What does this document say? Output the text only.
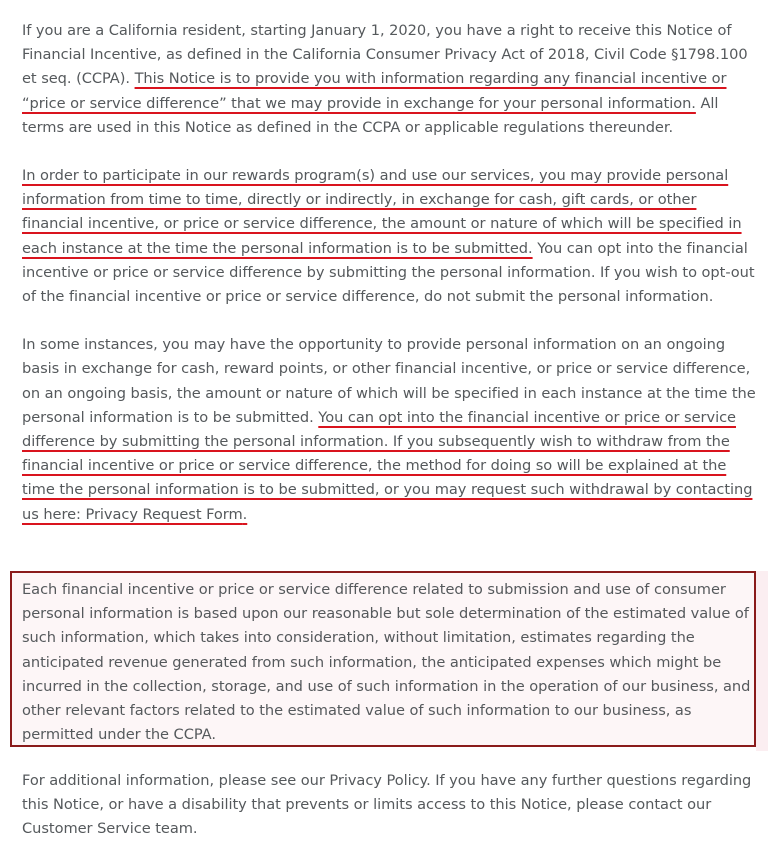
If you are a California resident, starting January 1, 2020, you have a right to receive this Notice of Financial Incentive, as defined in the California Consumer Privacy Act of 2018, Civil Code §1798.100 et seq. (CCPA). This Notice is to provide you with information regarding any financial incentive or “price or service difference” that we may provide in exchange for your personal information. All terms are used in this Notice as defined in the CCPA or applicable regulations thereunder.

In order to participate in our rewards program(s) and use our services, you may provide personal information from time to time, directly or indirectly, in exchange for cash, gift cards, or other financial incentive, or price or service difference, the amount or nature of which will be specified in each instance at the time the personal information is to be submitted. You can opt into the financial incentive or price or service difference by submitting the personal information. If you wish to opt-out of the financial incentive or price or service difference, do not submit the personal information.

In some instances, you may have the opportunity to provide personal information on an ongoing basis in exchange for cash, reward points, or other financial incentive, or price or service difference, on an ongoing basis, the amount or nature of which will be specified in each instance at the time the personal information is to be submitted. You can opt into the financial incentive or price or service difference by submitting the personal information. If you subsequently wish to withdraw from the financial incentive or price or service difference, the method for doing so will be explained at the time the personal information is to be submitted, or you may request such withdrawal by contacting us here: Privacy Request Form.

Each financial incentive or price or service difference related to submission and use of consumer personal information is based upon our reasonable but sole determination of the estimated value of such information, which takes into consideration, without limitation, estimates regarding the anticipated revenue generated from such information, the anticipated expenses which might be incurred in the collection, storage, and use of such information in the operation of our business, and other relevant factors related to the estimated value of such information to our business, as permitted under the CCPA.

For additional information, please see our Privacy Policy. If you have any further questions regarding this Notice, or have a disability that prevents or limits access to this Notice, please contact our Customer Service team.
